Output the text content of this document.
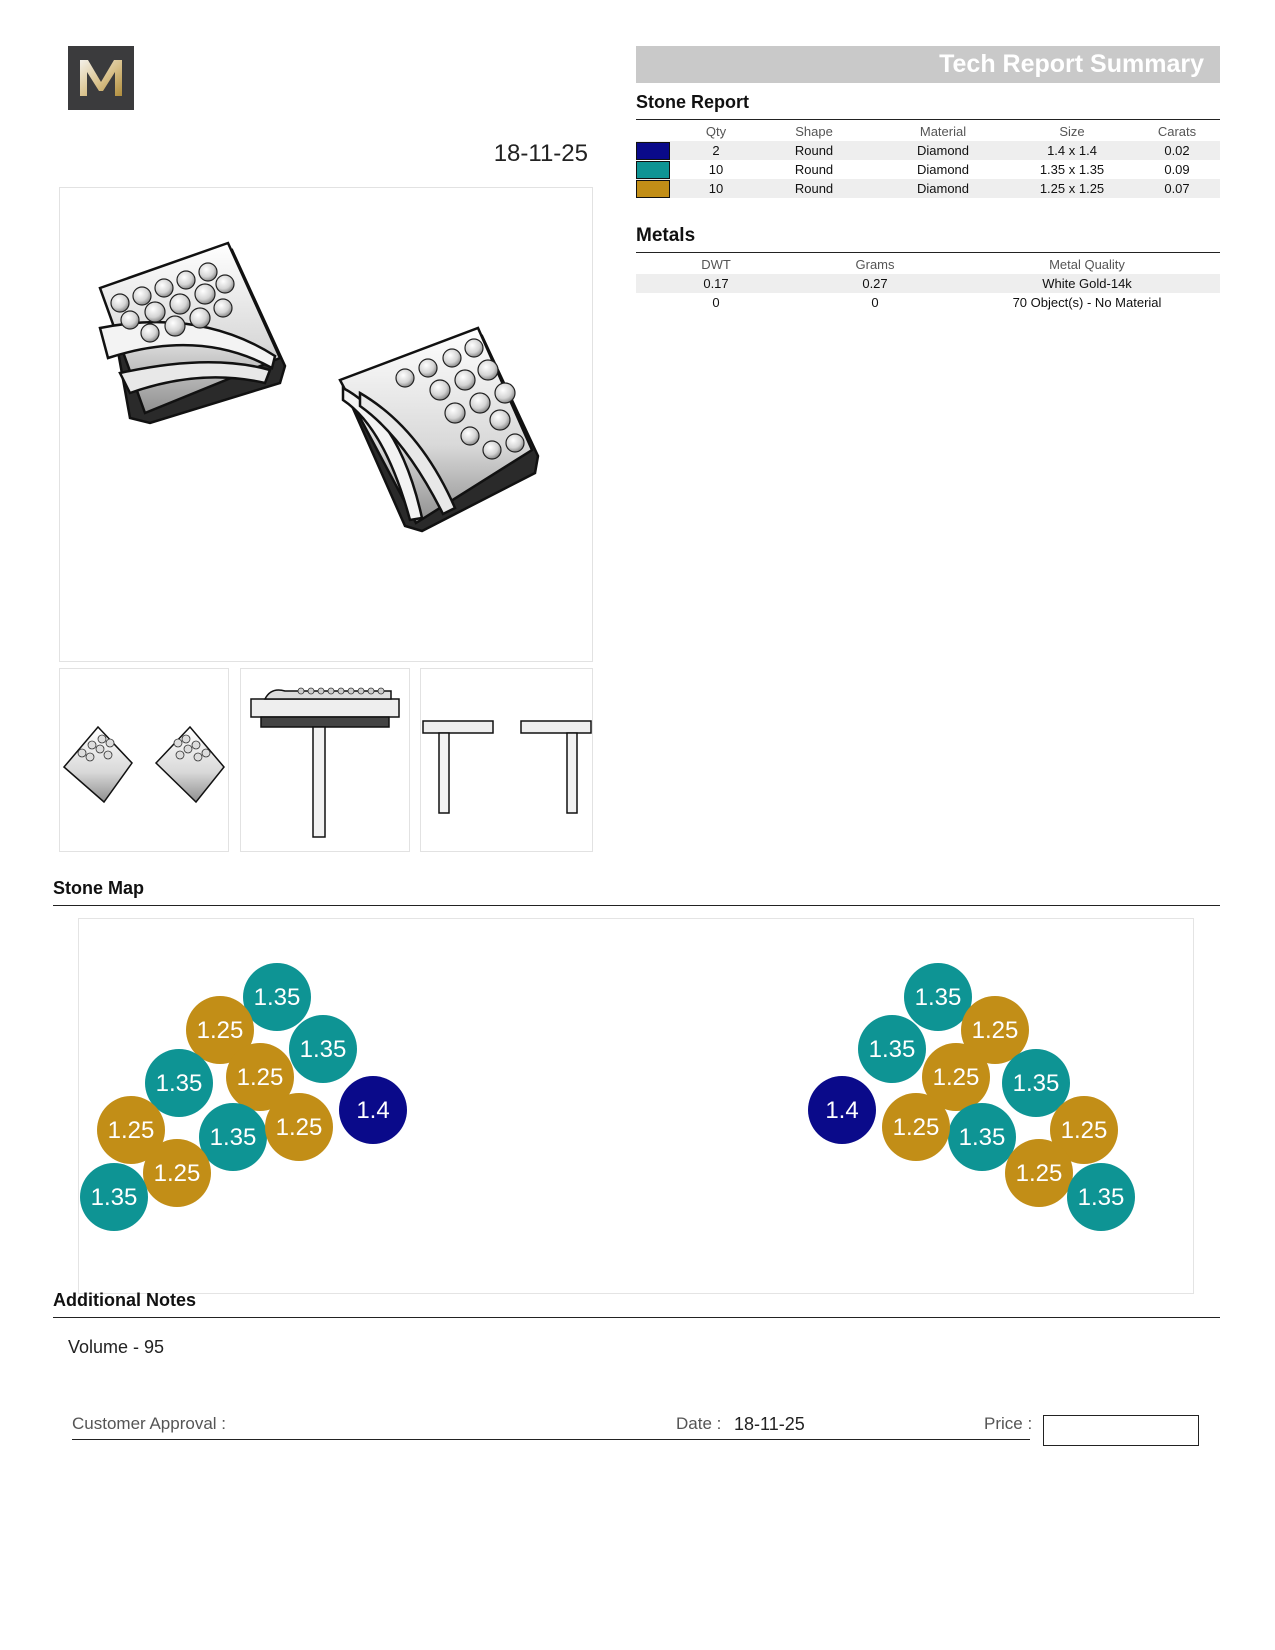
18-11-25
Tech Report Summary
Stone Report
	Qty	Shape	Material	Size	Carats
	2	Round	Diamond	1.4 x 1.4	0.02
	10	Round	Diamond	1.35 x 1.35	0.09
	10	Round	Diamond	1.25 x 1.25	0.07
Metals
DWT	Grams	Metal Quality
0.17	0.27	White Gold-14k
0	0	70 Object(s) - No Material
Stone Map
1.35
1.25
1.35
1.35 1.25
1.4
1.25 1.35 1.25
1.25
1.35
1.35
1.25
1.35
1.35
1.25
1.4
1.25
1.35
1.25
1.25
1.35
Additional Notes
Volume - 95
Customer Approval :	Date : 18-11-25	Price :
